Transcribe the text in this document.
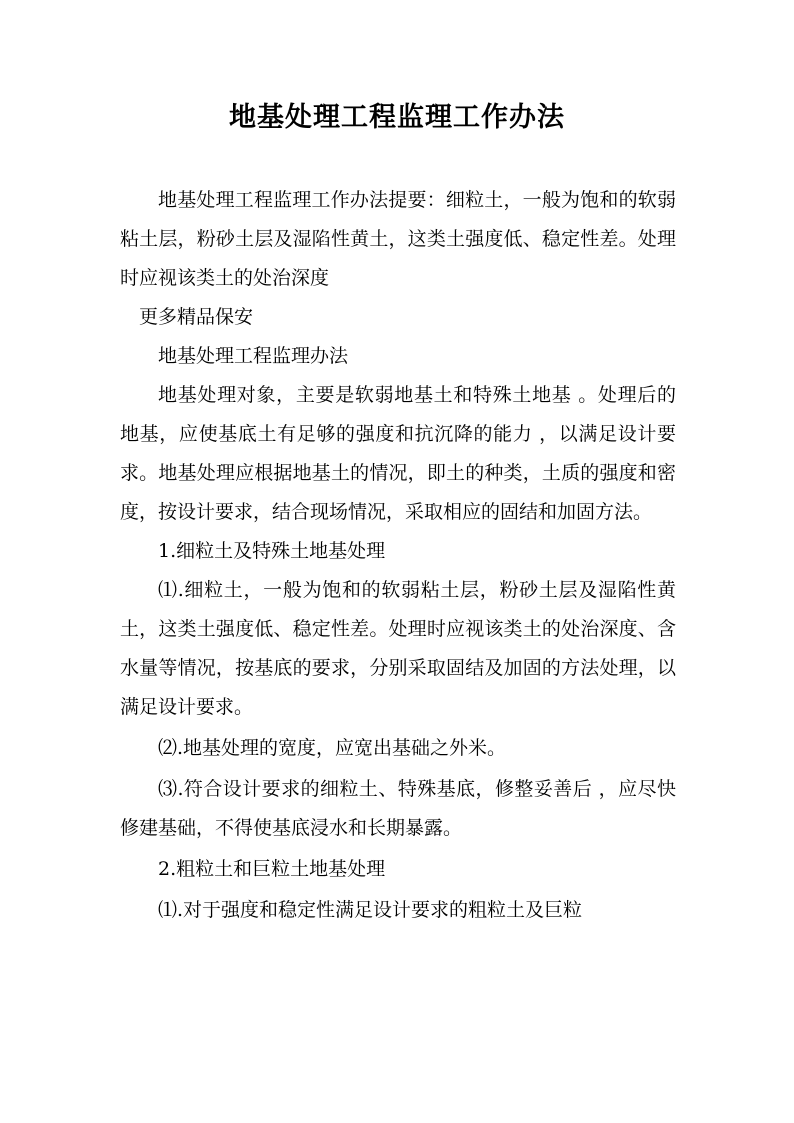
地基处理工程监理工作办法

地基处理工程监理工作办法提要：细粒土，一般为饱和的软弱粘土层，粉砂土层及湿陷性黄土，这类土强度低、稳定性差。处理时应视该类土的处治深度

更多精品保安

地基处理工程监理办法

地基处理对象，主要是软弱地基土和特殊土地基 。处理后的地基，应使基底土有足够的强度和抗沉降的能力 ，以满足设计要求。地基处理应根据地基土的情况，即土的种类，土质的强度和密度，按设计要求，结合现场情况，采取相应的固结和加固方法。

1.细粒土及特殊土地基处理

⑴.细粒土，一般为饱和的软弱粘土层，粉砂土层及湿陷性黄土，这类土强度低、稳定性差。处理时应视该类土的处治深度、含水量等情况，按基底的要求，分别采取固结及加固的方法处理，以满足设计要求。

⑵.地基处理的宽度，应宽出基础之外米。

⑶.符合设计要求的细粒土、特殊基底，修整妥善后 ，应尽快修建基础，不得使基底浸水和长期暴露。

2.粗粒土和巨粒土地基处理

⑴.对于强度和稳定性满足设计要求的粗粒土及巨粒
